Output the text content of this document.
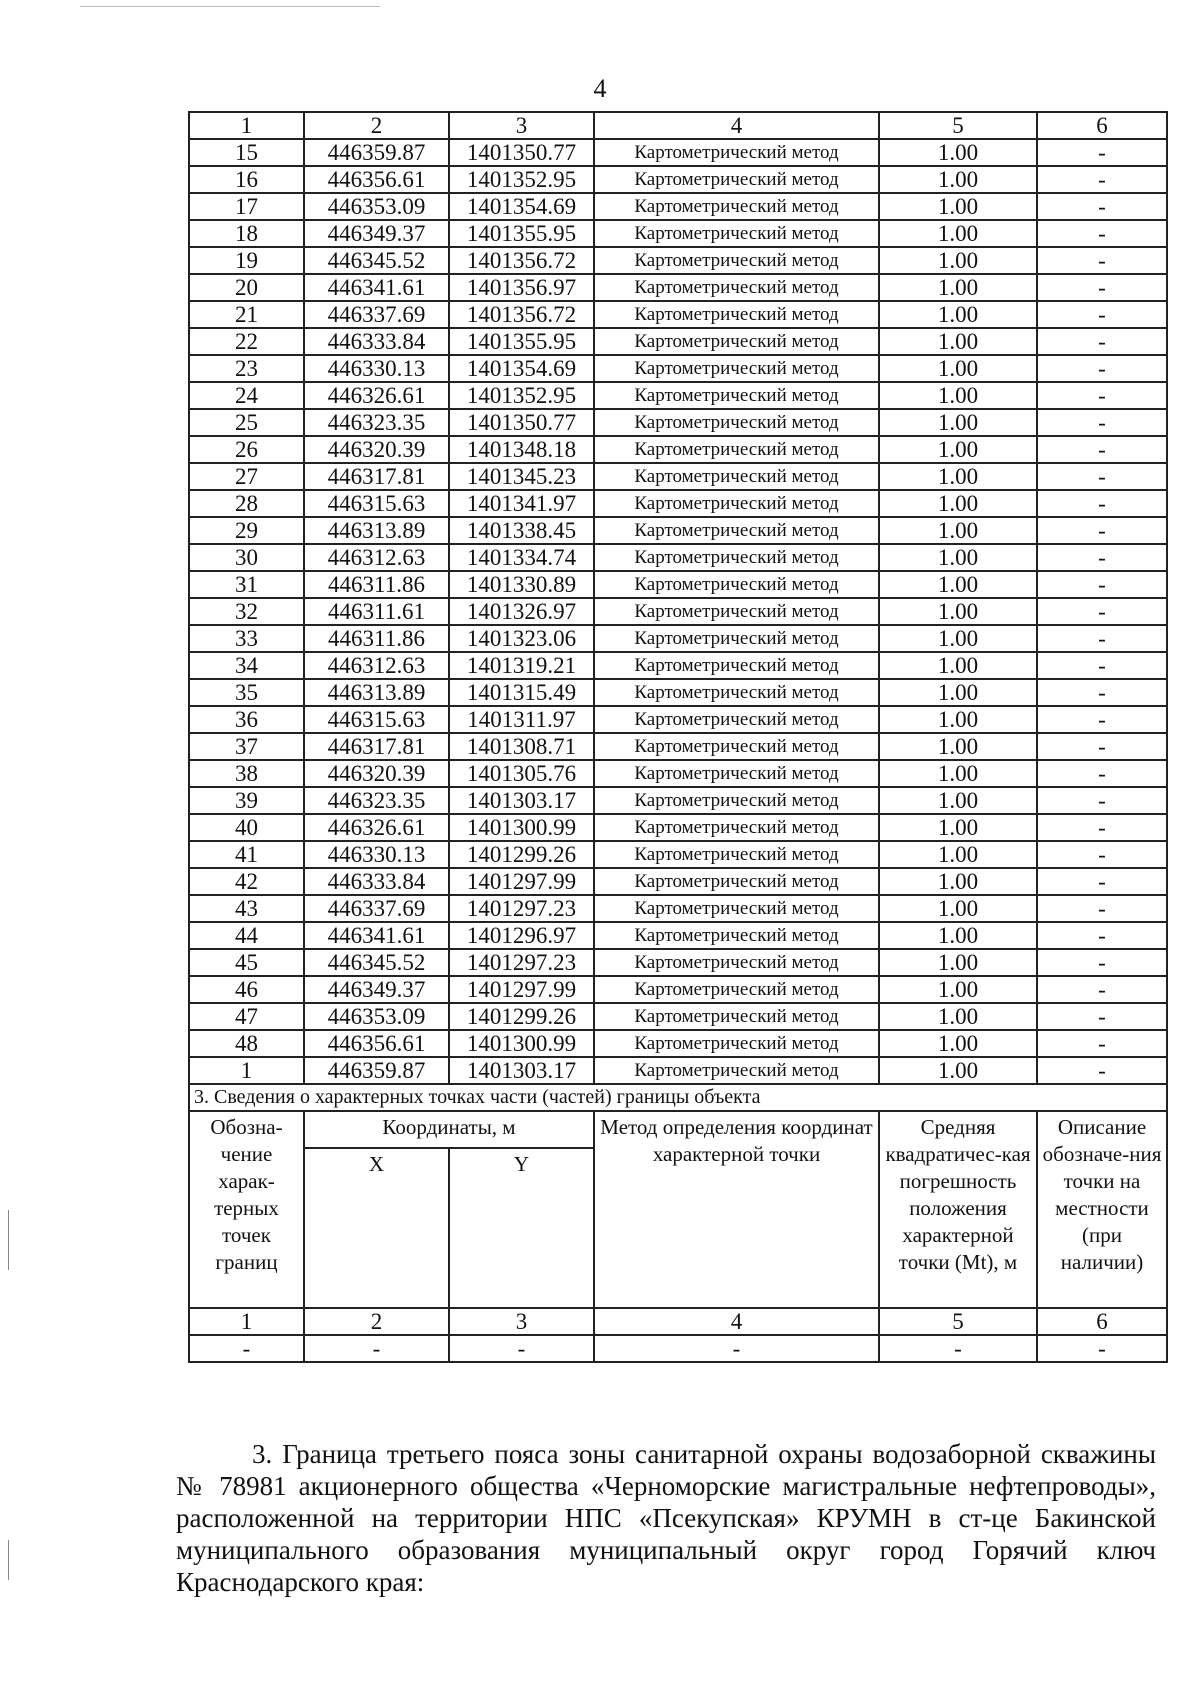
4
1	2	3	4	5	6
15	446359.87	1401350.77	Картометрический метод	1.00	-
16	446356.61	1401352.95	Картометрический метод	1.00	-
17	446353.09	1401354.69	Картометрический метод	1.00	-
18	446349.37	1401355.95	Картометрический метод	1.00	-
19	446345.52	1401356.72	Картометрический метод	1.00	-
20	446341.61	1401356.97	Картометрический метод	1.00	-
21	446337.69	1401356.72	Картометрический метод	1.00	-
22	446333.84	1401355.95	Картометрический метод	1.00	-
23	446330.13	1401354.69	Картометрический метод	1.00	-
24	446326.61	1401352.95	Картометрический метод	1.00	-
25	446323.35	1401350.77	Картометрический метод	1.00	-
26	446320.39	1401348.18	Картометрический метод	1.00	-
27	446317.81	1401345.23	Картометрический метод	1.00	-
28	446315.63	1401341.97	Картометрический метод	1.00	-
29	446313.89	1401338.45	Картометрический метод	1.00	-
30	446312.63	1401334.74	Картометрический метод	1.00	-
31	446311.86	1401330.89	Картометрический метод	1.00	-
32	446311.61	1401326.97	Картометрический метод	1.00	-
33	446311.86	1401323.06	Картометрический метод	1.00	-
34	446312.63	1401319.21	Картометрический метод	1.00	-
35	446313.89	1401315.49	Картометрический метод	1.00	-
36	446315.63	1401311.97	Картометрический метод	1.00	-
37	446317.81	1401308.71	Картометрический метод	1.00	-
38	446320.39	1401305.76	Картометрический метод	1.00	-
39	446323.35	1401303.17	Картометрический метод	1.00	-
40	446326.61	1401300.99	Картометрический метод	1.00	-
41	446330.13	1401299.26	Картометрический метод	1.00	-
42	446333.84	1401297.99	Картометрический метод	1.00	-
43	446337.69	1401297.23	Картометрический метод	1.00	-
44	446341.61	1401296.97	Картометрический метод	1.00	-
45	446345.52	1401297.23	Картометрический метод	1.00	-
46	446349.37	1401297.99	Картометрический метод	1.00	-
47	446353.09	1401299.26	Картометрический метод	1.00	-
48	446356.61	1401300.99	Картометрический метод	1.00	-
1	446359.87	1401303.17	Картометрический метод	1.00	-
3. Сведения о характерных точках части (частей) границы объекта					
Обозна-чение харак-терных точек границ	Координаты, м		Метод определения координат характерной точки	Средняя квадратичес-кая погрешность положения характерной точки (Mt), м	Описание обозначе-ния точки на местности (при наличии)
	X	Y			
1	2	3	4	5	6
-	-	-	-	-	-
3. Граница третьего пояса зоны санитарной охраны водозаборной скважины № 78981 акционерного общества «Черноморские магистральные нефтепроводы», расположенной на территории НПС «Псекупская» КРУМН в ст-це Бакинской муниципального образования муниципальный округ город Горячий ключ Краснодарского края:
